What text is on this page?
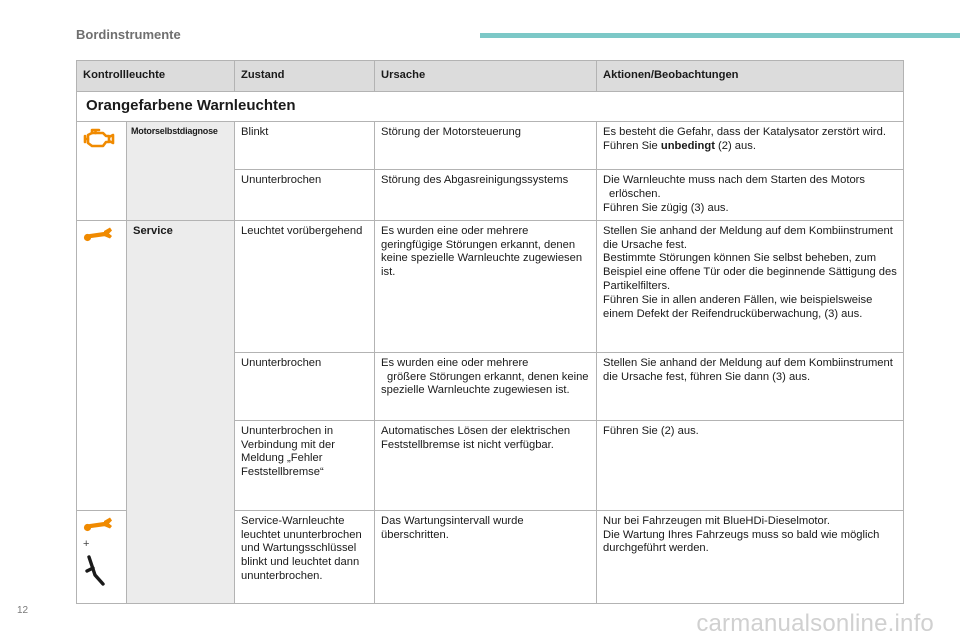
Bordinstrumente
Kontrollleuchte		Zustand	Ursache	Aktionen/Beobachtungen
Orangefarbene Warnleuchten				
	Motorselbstdiagnose	Blinkt	Störung der Motorsteuerung	Es besteht die Gefahr, dass der Katalysator zerstört wird.
Führen Sie unbedingt (2) aus.
		Ununterbrochen	Störung des Abgasreinigungssystems	Die Warnleuchte muss nach dem Starten des Motors
erlöschen.
Führen Sie zügig (3) aus.
	Service	Leuchtet vorübergehend	Es wurden eine oder mehrere geringfügige Störungen erkannt, denen keine spezielle Warnleuchte zugewiesen ist.	Stellen Sie anhand der Meldung auf dem Kombiinstrument die Ursache fest.
Bestimmte Störungen können Sie selbst beheben, zum Beispiel eine offene Tür oder die beginnende Sättigung des Partikelfilters.
Führen Sie in allen anderen Fällen, wie beispielsweise einem Defekt der Reifendrucküberwachung, (3) aus.
		Ununterbrochen	Es wurden eine oder mehrere
größere Störungen erkannt, denen keine spezielle Warnleuchte zugewiesen ist.	Stellen Sie anhand der Meldung auf dem Kombiinstrument die Ursache fest, führen Sie dann (3) aus.
		Ununterbrochen in Verbindung mit der Meldung „Fehler Feststellbremse“	Automatisches Lösen der elektrischen Feststellbremse ist nicht verfügbar.	Führen Sie (2) aus.

+		Service-Warnleuchte leuchtet ununterbrochen und Wartungsschlüssel blinkt und leuchtet dann ununterbrochen.	Das Wartungsintervall wurde überschritten.	Nur bei Fahrzeugen mit BlueHDi-Dieselmotor.
Die Wartung Ihres Fahrzeugs muss so bald wie möglich durchgeführt werden.
12	carmanualsonline.info
